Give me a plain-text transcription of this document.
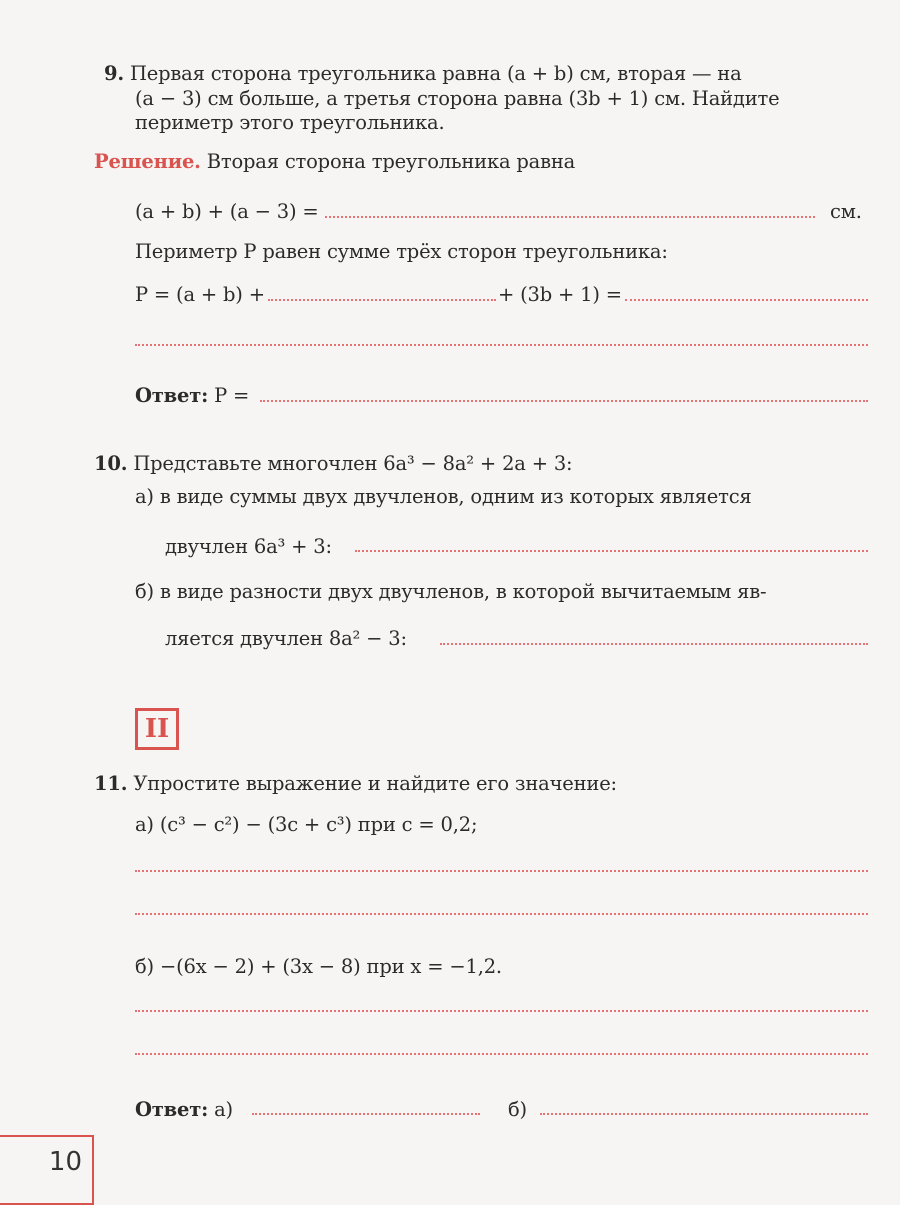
9. Первая сторона треугольника равна (a + b) см, вторая — на
(a − 3) см больше, а третья сторона равна (3b + 1) см. Найдите
периметр этого треугольника.
Решение. Вторая сторона треугольника равна
(a + b) + (a − 3) =	см.
Периметр P равен сумме трёх сторон треугольника:
P = (a + b) +	+ (3b + 1) =
Ответ: P =
10. Представьте многочлен 6a³ − 8a² + 2a + 3:
а) в виде суммы двух двучленов, одним из которых является
двучлен 6a³ + 3:
б) в виде разности двух двучленов, в которой вычитаемым яв-
ляется двучлен 8a² − 3:
II
11. Упростите выражение и найдите его значение:
а) (c³ − c²) − (3c + c³) при c = 0,2;
б) −(6x − 2) + (3x − 8) при x = −1,2.
Ответ: а)	б)
10
